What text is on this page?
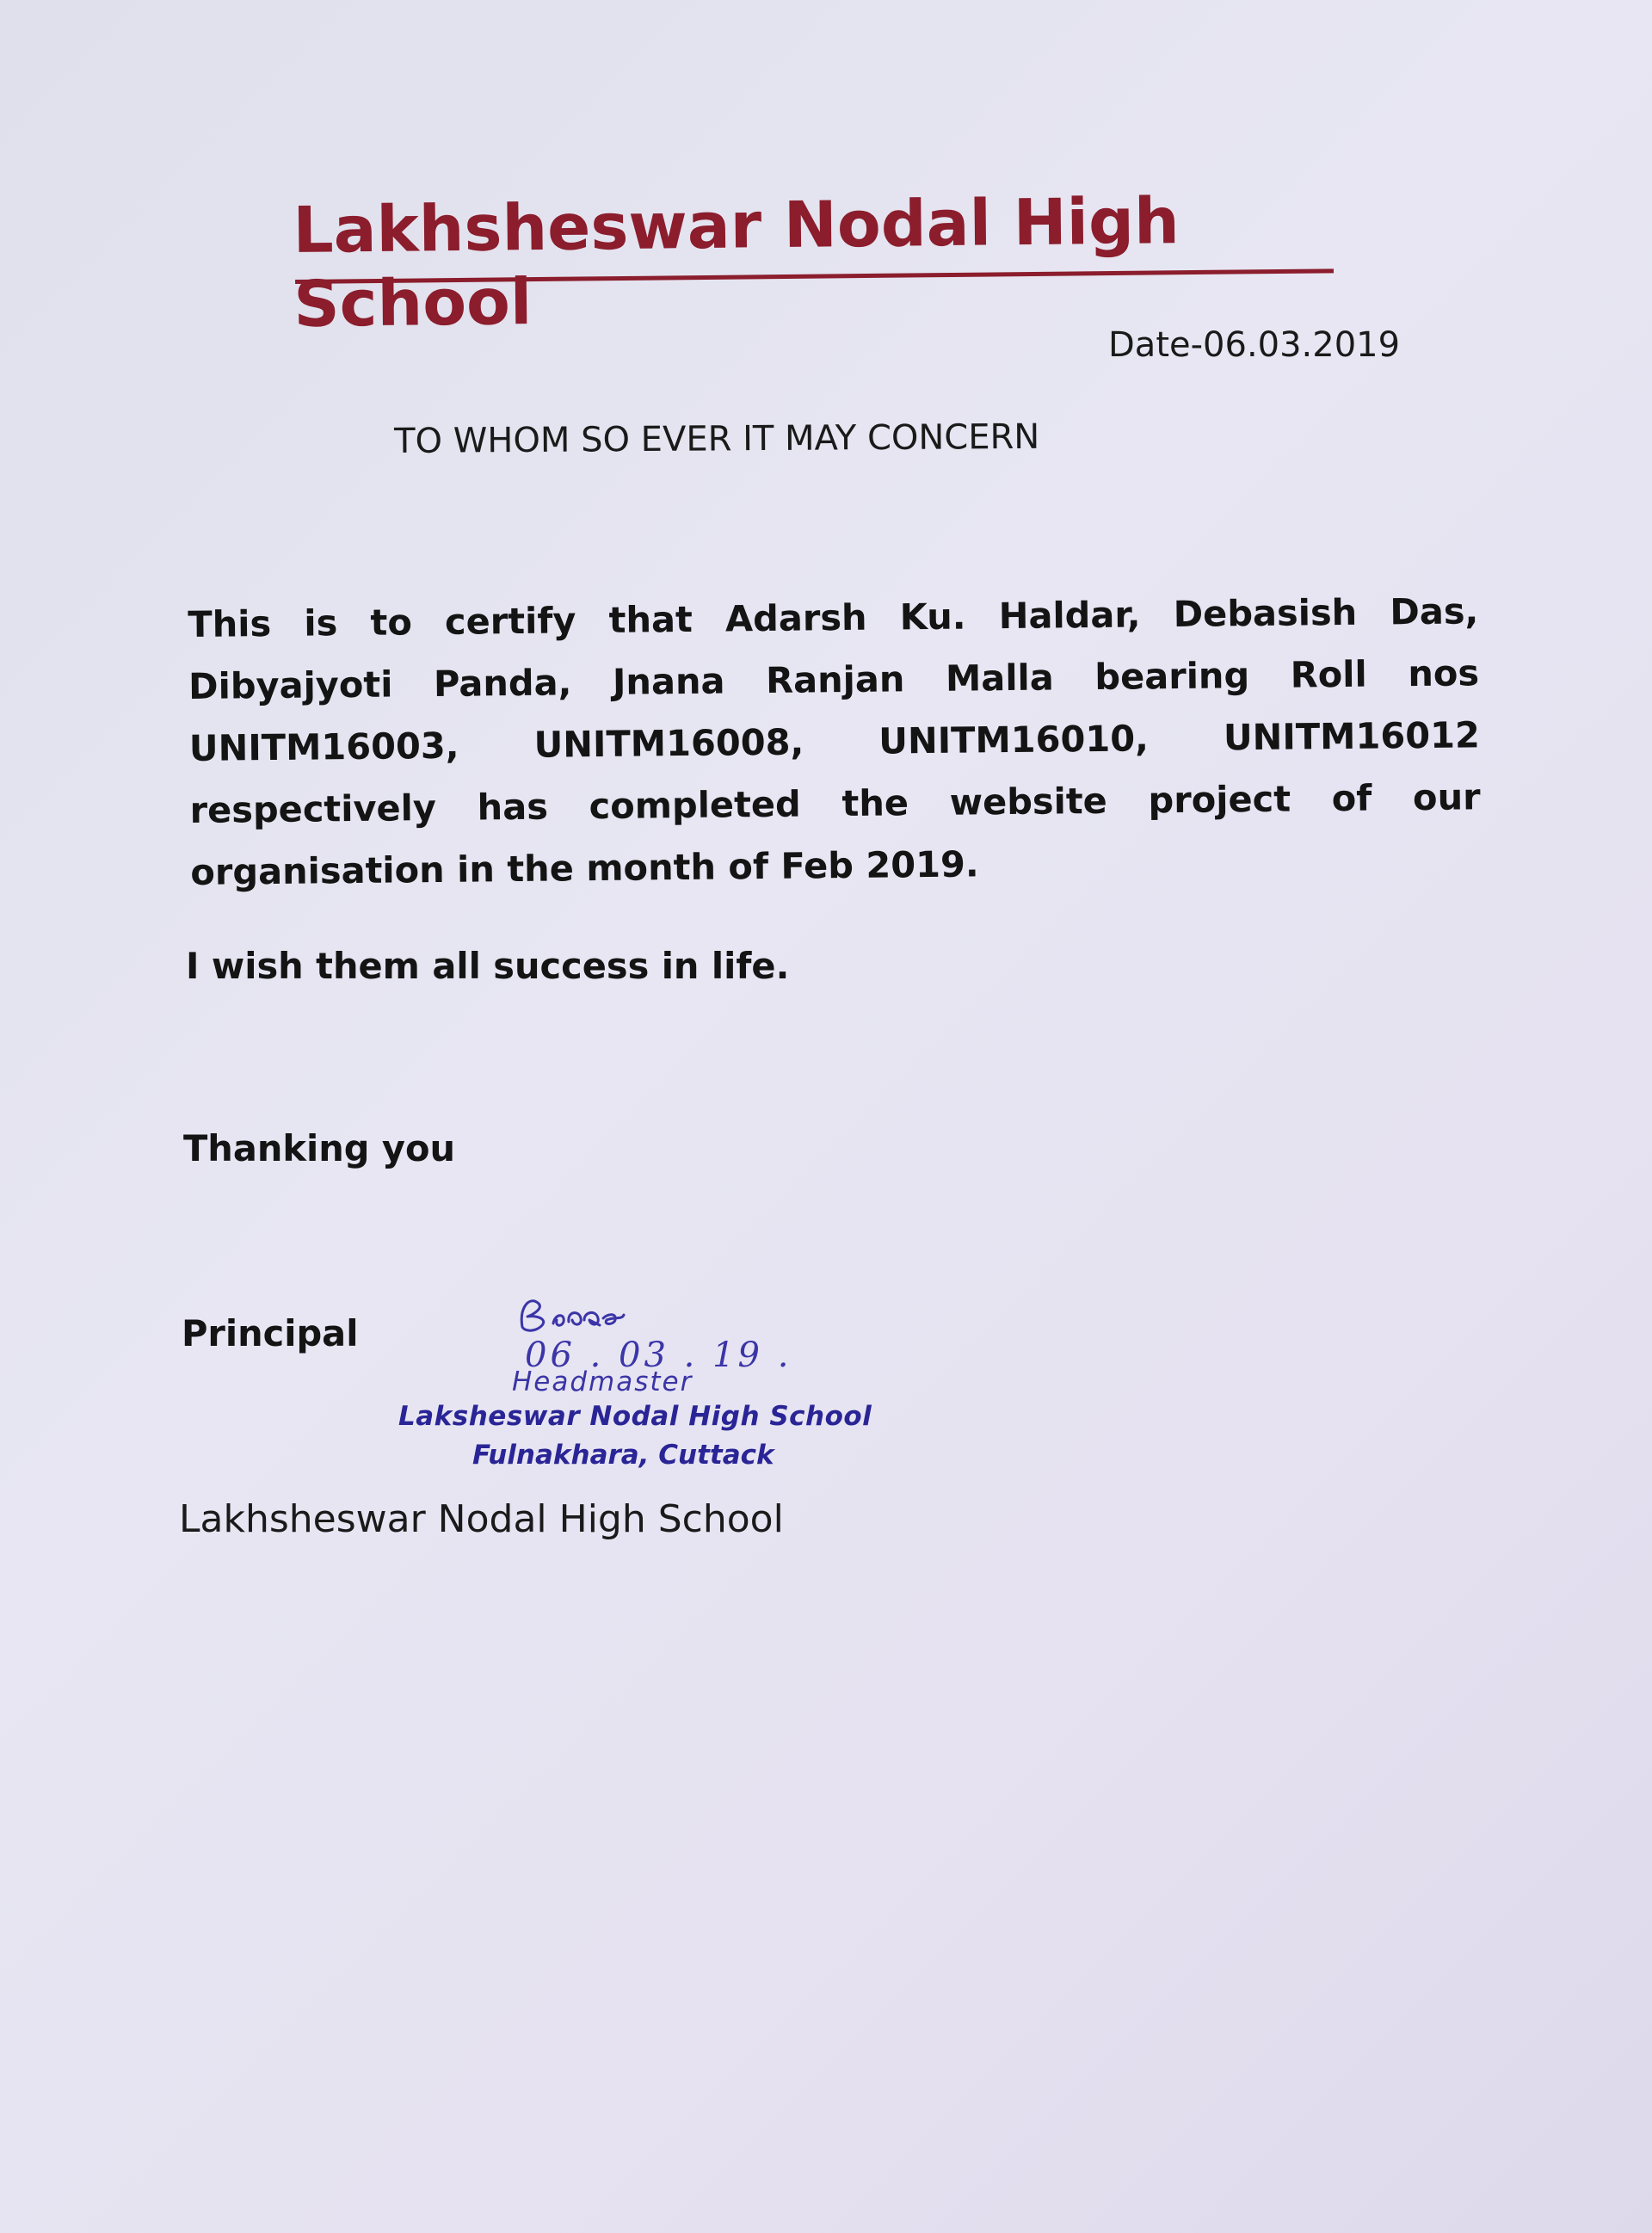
Lakhsheswar Nodal High School
Date-06.03.2019
TO WHOM SO EVER IT MAY CONCERN
This is to certify that Adarsh Ku. Haldar, Debasish Das, Dibyajyoti Panda, Jnana Ranjan Malla bearing Roll nos UNITM16003, UNITM16008, UNITM16010, UNITM16012 respectively has completed the website project of our organisation in the month of Feb 2019.
I wish them all success in life.
Thanking you
Principal
06 . 03 . 19 .
Headmaster
Laksheswar Nodal High School
Fulnakhara, Cuttack
Lakhsheswar Nodal High School
